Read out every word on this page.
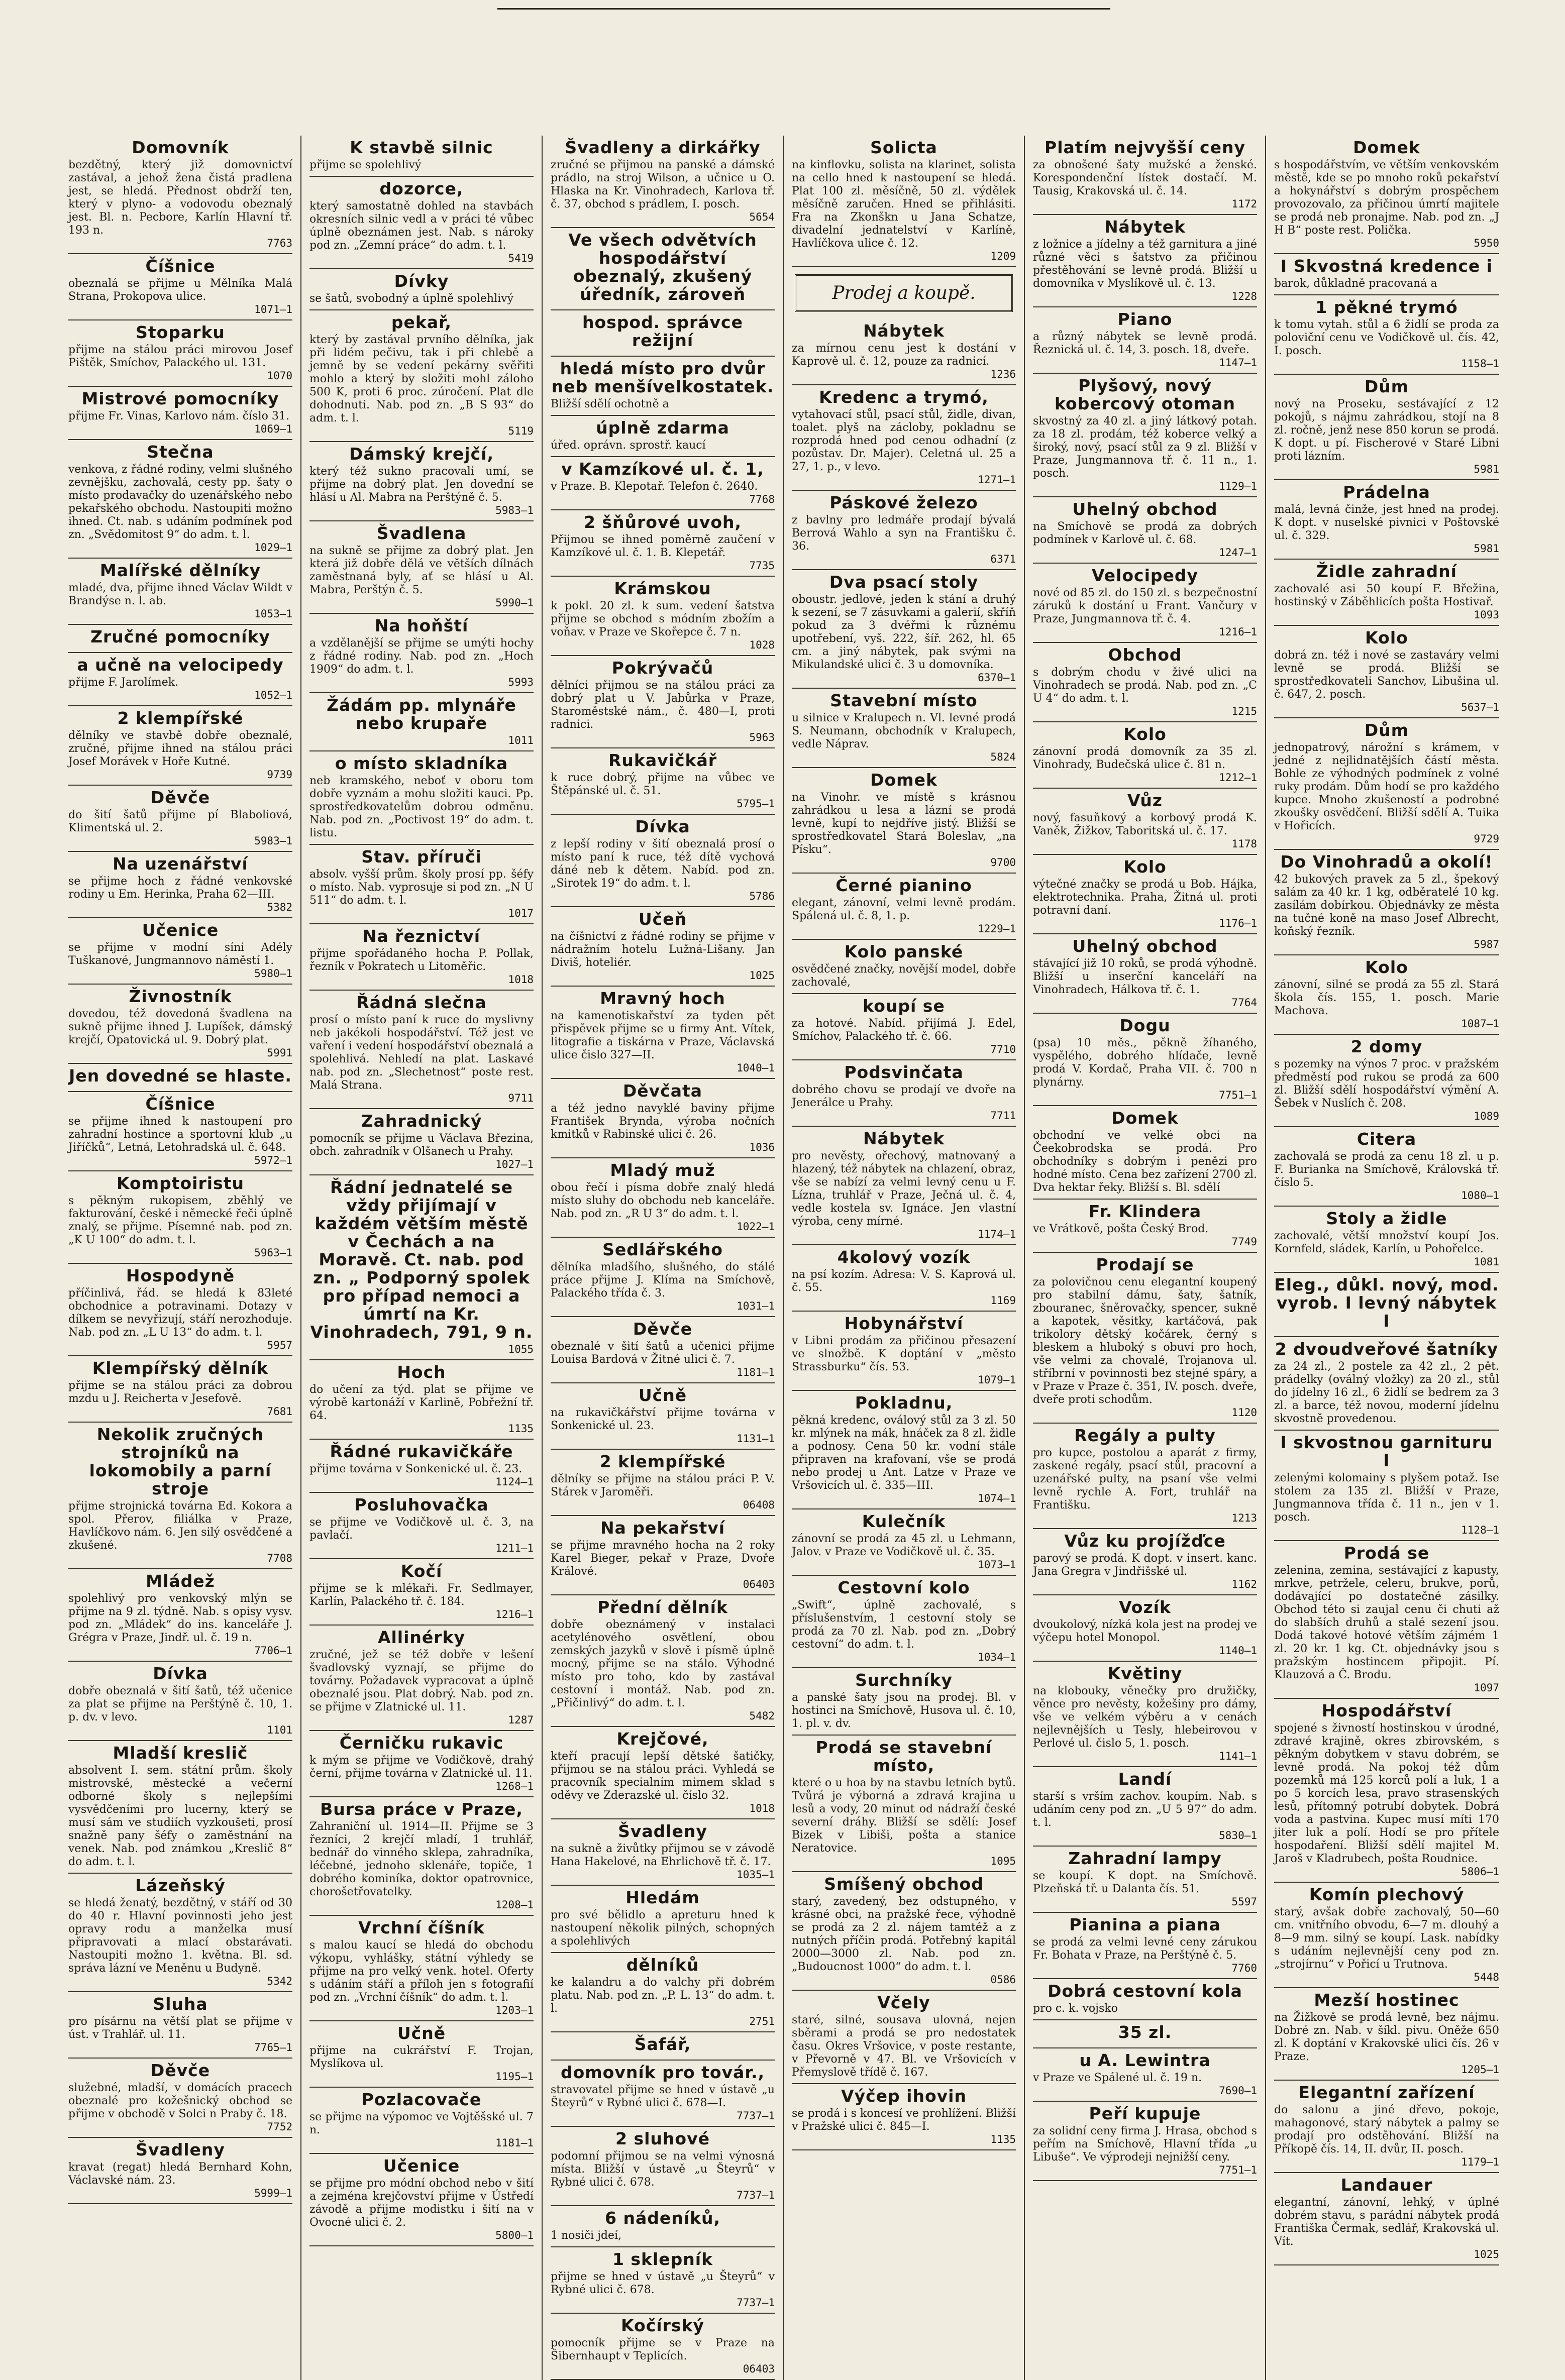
Domovník

bezdětný, který již domovnictví zastával, a jehož žena čistá pradlena jest, se hledá. Přednost obdrží ten, který v plyno- a vodovodu obeznalý jest. Bl. n. Pecbore, Karlín Hlavní tř. 193 n.

7763
Číšnice

obeznalá se přijme u Mělníka Malá Strana, Prokopova ulice.

1071—1
Stoparku

přijme na stálou práci mirovou Josef Pištěk, Smíchov, Palackého ul. 131.

1070
Mistrové pomocníky

přijme Fr. Vinas, Karlovo nám. číslo 31.

1069—1
Stečna

venkova, z řádné rodiny, velmi slušného zevnějšku, zachovalá, cesty pp. šaty o místo prodavačky do uzenářského nebo pekařského obchodu. Nastoupiti možno ihned. Ct. nab. s udáním podmínek pod zn. „Svědomitost 9“ do adm. t. l.

1029—1
Malířské dělníky

mladé, dva, přijme ihned Václav Wildt v Brandýse n. l. ab.

1053—1
Zručné pomocníky
a učně na velocipedy

přijme F. Jarolímek.

1052—1
2 klempířské

dělníky ve stavbě dobře obeznalé, zručné, přijme ihned na stálou práci Josef Morávek v Hoře Kutné.

9739
Děvče

do šití šatů přijme pí Blaboliová, Klimentská ul. 2.

5983—1
Na uzenářství

se přijme hoch z řádné venkovské rodiny u Em. Herinka, Praha 62—III.

5382
Učenice

se přijme v modní síni Adély Tuškanové, Jungmannovo náměstí 1.

5980—1
Živnostník

dovedou, též dovedoná švadlena na sukně přijme ihned J. Lupíšek, dámský krejčí, Opatovická ul. 9. Dobrý plat.

5991
Jen dovedné se hlaste.
Číšnice

se přijme ihned k nastoupení pro zahradní hostince a sportovní klub „u Jiříčků“, Letná, Letohradská ul. č. 648.

5972—1
Komptoiristu

s pěkným rukopisem, zběhlý ve fakturování, české i německé řeči úplně znalý, se přijme. Písemné nab. pod zn. „K U 100“ do adm. t. l.

5963—1
Hospodyně

příčinlivá, řád. se hledá k 83leté obchodnice a potravinami. Dotazy v dílkem se nevyřizují, stáří nerozhoduje. Nab. pod zn. „L U 13“ do adm. t. l.

5957
Klempířský dělník

přijme se na stálou práci za dobrou mzdu u J. Reichertа v Jesefově.

7681
Nekolik zručných strojníků na lokomobily a parní stroje

přijme strojnická továrna Ed. Kokora a spol. Přerov, filiálka v Praze, Havlíčkovo nám. 6. Jen silý osvědčené a zkušené.

7708
Mládež

spolehlivý pro venkovský mlýn se přijme na 9 zl. týdně. Nab. s opisy vysv. pod zn. „Mládek“ do ins. kanceláře J. Grégra v Praze, Jindř. ul. č. 19 n.

7706—1
Dívka

dobře obeznalá v šití šatů, též učenice za plat se přijme na Perštýně č. 10, 1. p. dv. v levo.

1101
Mladší kreslič

absolvent I. sem. státní prům. školy mistrovské, městecké a večerní odborné školy s nejlepšími vysvědčeními pro lucerny, který se musí sám ve studiích vyzkoušeti, prosí snažně pany šéfy o zaměstnání na venek. Nab. pod známkou „Kreslič 8“ do adm. t. l.

Lázeňský

se hledá ženatý, bezdětný, v stáří od 30 do 40 r. Hlavní povinnosti jeho jest opravy rodu a manželka musí připravovati a mlací obstarávati. Nastoupiti možno 1. května. Bl. sd. správa lázní ve Meněnu u Budyně.

5342
Sluha

pro písárnu na větší plat se přijme v úst. v Trahlář. ul. 11.

7765—1
Děvče

služebné, mladší, v domácích pracech obeznalé pro kožešnický obchod se přijme v obchodě v Solci n Praby č. 18.

7752
Švadleny

kravat (regat) hledá Bernhard Kohn, Václavské nám. 23.

5999—1
K stavbě silnic

přijme se spolehlivý

dozorce,

který samostatně dohled na stavbách okresních silnic vedl a v práci té vůbec úplně obeznámen jest. Nab. s nároky pod zn. „Zemní práce“ do adm. t. l.

5419
Dívky

se šatů, svobodný a úplně spolehlivý

pekař,

který by zastával prvního dělníka, jak při lidém pečivu, tak i při chlebě a jemně by se vedení pekárny svěřiti mohlo a který by složiti mohl záloho 500 K, proti 6 proc. zúročení. Plat dle dohodnuti. Nab. pod zn. „B S 93“ do adm. t. l.

5119
Dámský krejčí,

který též sukno pracovali umí, se přijme na dobrý plat. Jen dovední se hlásí u Al. Mabra na Perštýně č. 5.

5983—1
Švadlena

na sukně se přijme za dobrý plat. Jen která již dobře dělá ve větších dílnách zaměstnaná byly, ať se hlásí u Al. Mabra, Perštýn č. 5.

5990—1
Na hoňští

a vzdělanější se přijme se umýti hochy z řádné rodiny. Nab. pod zn. „Hoch 1909“ do adm. t. l.

5993
Žádám pp. mlynáře nebo krupaře
1011
o místo skladníka

neb kramského, neboť v oboru tom dobře vyznám a mohu složiti kauci. Pp. sprostředkovatelům dobrou odměnu. Nab. pod zn. „Poctivost 19“ do adm. t. listu.

Stav. příruči

absolv. vyšší prům. školy prosí pp. šéfy o místo. Nab. vyprosuje si pod zn. „N U 511“ do adm. t. l.

1017
Na řeznictví

přijme spořádaného hocha P. Pollak, řezník v Pokratech u Litoměřic.

1018
Řádná slečna

prosí o místo paní k ruce do myslivny neb jakékoli hospodářství. Též jest ve vaření i vedení hospodářství obeznalá a spolehlivá. Nehledí na plat. Laskavé nab. pod zn. „Slechetnost“ poste rest. Malá Strana.

9711
Zahradnický

pomocník se přijme u Václava Březina, obch. zahradník v Olšanech u Prahy.

1027—1
Řádní jednatelé se vždy přijímají v každém větším městě v Čechách a na Moravě. Ct. nab. pod zn. „ Podporný spolek pro případ nemoci a úmrtí na Kr. Vinohradech, 791, 9 n.
1055
Hoch

do učení za týd. plat se přijme ve výrobě kartonáží v Karlině, Pobřežní tř. 64.

1135
Řádné rukavičkáře

přijme továrna v Sonkenické ul. č. 23.

1124—1
Posluhovačka

se přijme ve Vodičkově ul. č. 3, na pavlačí.

1211—1
Kočí

přijme se k mlékaři. Fr. Sedlmayer, Karlín, Palackého tř. č. 184.

1216—1
Allinérky

zručné, jež se též dobře v lešení švadlovský vyznají, se přijme do továrny. Požadavek vypracovat a úplně obeznalé jsou. Plat dobrý. Nab. pod zn. se přijme v Zlatnické ul. 11.

1287
Černičku rukavic

k mým se přijme ve Vodičkově, drahý černí, přijme továrna v Zlatnické ul. 11.

1268—1
Bursa práce v Praze,

Zahraniční ul. 1914—II. Přijme se 3 řezníci, 2 krejčí mladí, 1 truhlář, bednář do vinného sklepa, zahradníka, léčebné, jednoho sklenáře, topiče, 1 dobrého kominíka, doktor opatrovnice, chorošetřovatelky.

1208—1
Vrchní číšník

s malou kaucí se hledá do obchodu výkopu, vyhlášky, státní výhledy se přijme na pro velký venk. hotel. Oferty s udáním stáří a příloh jen s fotografií pod zn. „Vrchní číšník“ do adm. t. l.

1203—1
Učně

přijme na cukrářství F. Trojan, Myslíkova ul.

1195—1
Pozlacovače

se přijme na výpomoc ve Vojtěšské ul. 7 n.

1181—1
Učenice

se přijme pro módní obchod nebo v šití a zejména krejčovství přijme v Ústředí závodě a přijme modistku i šití na v Ovocné ulici č. 2.

5800—1
Švadleny a dirkářky

zručné se přijmou na panské a dámské prádlo, na stroj Wilson, a učnice u O. Hlaska na Kr. Vinohradech, Karlova tř. č. 37, obchod s prádlem, I. posch.

5654
Ve všech odvětvích hospodářství obeznalý, zkušený úředník, zároveň
hospod. správce režijní
hledá místo pro dvůr neb menšívelkostatek.

Bližší sdělí ochotně a

úplně zdarma

úřed. oprávn. sprostř. kaucí

v Kamzíkové ul. č. 1,

v Praze. B. Klepotař. Telefon č. 2640.

7768
2 šňůrové uvoh,

Přijmou se ihned poměrně zaučení v Kamzíkové ul. č. 1. B. Klepetář.

7735
Krámskou

k pokl. 20 zl. k sum. vedení šatstva přijme se obchod s módním zbožím a voňav. v Praze ve Skořepce č. 7 n.

1028
Pokrývačů

dělníci přijmou se na stálou práci za dobrý plat u V. Jabůrka v Praze, Staroměstské nám., č. 480—I, proti radnici.

5963
Rukavičkář

k ruce dobrý, přijme na vůbec ve Štěpánské ul. č. 51.

5795—1
Dívka

z lepší rodiny v šití obeznalá prosí o místo paní k ruce, též dítě vychová dáné neb k dětem. Nabíd. pod zn. „Sirotek 19“ do adm. t. l.

5786
Učeň

na číšnictví z řádné rodiny se přijme v nádražním hotelu Lužná-Lišany. Jan Diviš, hoteliér.

1025
Mravný hoch

na kamenotiskařství za tyden pět přispěvek přijme se u firmy Ant. Vítek, litografie a tiskárna v Praze, Václavská ulice čislo 327—II.

1040—1
Děvčata

a též jedno navyklé baviny přijme František Brynda, výroba nočních kmitků v Rabinské ulici č. 26.

1036
Mladý muž

obou řečí i písma dobře znalý hledá místo sluhy do obchodu neb kanceláře. Nab. pod zn. „R U 3“ do adm. t. l.

1022—1
Sedlářského

dělníka mladšího, slušného, do stálé práce přijme J. Klíma na Smíchově, Palackého třída č. 3.

1031—1
Děvče

obeznalé v šití šatů a učenici přijme Louisa Bardová v Žitné ulici č. 7.

1181—1
Učně

na rukavičkářství přijme továrna v Sonkenické ul. 23.

1131—1
2 klempířské

dělníky se přijme na stálou práci P. V. Stárek v Jaroměři.

06408
Na pekařství

se přijme mravného hocha na 2 roky Karel Bieger, pekař v Praze, Dvoře Králové.

06403
Přední dělník

dobře obeznámený v instalaci acetylénového osvětlení, obou zemských jazyků v slově i písmě úplně mocný, přijme se na stálo. Výhodné místo pro toho, kdo by zastával cestovní i montáž. Nab. pod zn. „Přičinlivý“ do adm. t. l.

5482
Krejčové,

kteří pracují lepší dětské šatičky, přijmou se na stálou práci. Vyhledá se pracovník specialním mimem sklad s oděvy ve Zderazské ul. číslo 32.

1018
Švadleny

na sukně a živůtky přijmou se v závodě Hana Hakelové, na Ehrlichově tř. č. 17.

1035—1
Hledám

pro své bělidlo a apreturu hned k nastoupení několik pilných, schopných a spolehlivých

dělníků

ke kalandru a do valchy při dobrém platu. Nab. pod zn. „P. L. 13“ do adm. t. l.

2751
Šafář,
domovník pro továr.,

stravovatel přijme se hned v ústavě „u Šteyrů“ v Rybné ulici č. 678—I.

7737—1
2 sluhové

podomní přijmou se na velmi výnosná místa. Bližší v ústavě „u Šteyrů“ v Rybné ulici č. 678.

7737—1
6 nádeníků,

1 nosiči jdeí,

1 sklepník

přijme se hned v ústavě „u Šteyrů“ v Rybné ulici č. 678.

7737—1
Kočírský

pomocník přijme se v Praze na Šibernhaupt v Teplicích.

06403
Solicta

na kinflovku, solista na klarinet, solista na cello hned k nastoupení se hledá. Plat 100 zl. měsíčně, 50 zl. výdělek měsíčně zaručen. Hned se přihlásiti. Fra na Zkonškn u Jana Schatze, divadelní jednatelství v Karlíně, Havlíčkova ulice č. 12.

1209
Prodej a koupě.
Nábytek

za mírnou cenu jest k dostání v Kaprově ul. č. 12, pouze za radnicí.

1236
Kredenc a trymó,

vytahovací stůl, psací stůl, židle, divan, toalet. plyš na zácloby, pokladnu se rozprodá hned pod cenou odhadní (z pozůstav. Dr. Majer). Celetná ul. 25 a 27, 1. p., v levo.

1271—1
Páskové železo

z bavlny pro ledmáře prodají bývalá Berrová Wahlo a syn na Františku č. 36.

6371
Dva psací stoly

oboustr. jedlové, jeden k stání a druhý k sezení, se 7 zásuvkami a galerií, skříň pokud za 3 dvéřmi k různému upotřebení, vyš. 222, šíř. 262, hl. 65 cm. a jiný nábytek, pak svými na Mikulandské ulici č. 3 u domovníka.

6370—1
Stavební místo

u silnice v Kralupech n. Vl. levné prodá S. Neumann, obchodník v Kralupech, vedle Náprav.

5824
Domek

na Vinohr. ve místě s krásnou zahrádkou u lesa a lázní se prodá levně, kupí to nejdříve jistý. Bližší se sprostředkovatel Stará Boleslav, „na Písku“.

9700
Černé pianino

elegant, zánovní, velmi levně prodám. Spálená ul. č. 8, 1. p.

1229—1
Kolo panské

osvědčené značky, novější model, dobře zachovalé,

koupí se

za hotové. Nabíd. přijímá J. Edel, Smíchov, Palackého tř. č. 66.

7710
Podsvinčata

dobrého chovu se prodají ve dvoře na Jenerálce u Prahy.

7711
Nábytek

pro nevěsty, ořechový, matnovaný a hlazený, též nábytek na chlazení, obraz, vše se nabízí za velmi levný cenu u F. Lízna, truhlář v Praze, Ječná ul. č. 4, vedle kostela sv. Ignáce. Jen vlastní výroba, ceny mírné.

1174—1
4kolový vozík

na psí kozím. Adresa: V. S. Kaprová ul. č. 55.

1169
Hobynářství

v Libni prodám za přičinou přesazení ve slnožbě. K doptání v „město Strassburku“ čís. 53.

1079—1
Pokladnu,

pěkná kredenc, oválový stůl za 3 zl. 50 kr. mlýnek na mák, hnáček za 8 zl. židle a podnosy. Cena 50 kr. vodní stále připraven na krafovaní, vše se prodá nebo prodej u Ant. Latze v Praze ve Vršovicích ul. č. 335—III.

1074—1
Kulečník

zánovní se prodá za 45 zl. u Lehmann, Jalov. v Praze ve Vodičkově ul. č. 35.

1073—1
Cestovní kolo

„Swift“, úplně zachovalé, s příslušenstvím, 1 cestovní stoly se prodá za 70 zl. Nab. pod zn. „Dobrý cestovní“ do adm. t. l.

1034—1
Surchníky

a panské šaty jsou na prodej. Bl. v hostinci na Smíchově, Husova ul. č. 10, 1. pl. v. dv.

Prodá se stavební místo,

které o u hoa by na stavbu letních bytů. Tvůrá je výborná a zdravá krajina u lesů a vody, 20 minut od nádraží české severní dráhy. Bližší se sdělí: Josef Bizek v Libiši, pošta a stanice Neratovice.

1095
Smíšený obchod

starý, zavedený, bez odstupného, v krásné obci, na pražské řece, výhodně se prodá za 2 zl. nájem tamtéž a z nutných příčin prodá. Potřebný kapitál 2000—3000 zl. Nab. pod zn. „Budoucnost 1000“ do adm. t. l.

0586
Včely

staré, silné, sousava ulovná, nejen sběrami a prodá se pro nedostatek času. Okres Vršovice, v poste restante, v Převorně v 47. Bl. ve Vršovicích v Přemyslově třídě č. 167.

Výčep ihovin

se prodá i s koncesí ve prohlížení. Bližší v Pražské ulici č. 845—I.

1135
Platím nejvyšší ceny

za obnošené šaty mužské a ženské. Korespondenční lístek dostačí. M. Tausig, Krakovská ul. č. 14.

1172
Nábytek

z ložnice a jídelny a též garnitura a jiné různé věci s šatstvo za přičinou přestěhování se levně prodá. Bližší u domovníka v Myslíkově ul. č. 13.

1228
Piano

a různý nábytek se levně prodá. Řeznická ul. č. 14, 3. posch. 18, dveře.

1147—1
Plyšový, nový kobercový otoman

skvostný za 40 zl. a jiný látkový potah. za 18 zl. prodám, též koberce velký a široký, nový, psací stůl za 9 zl. Bližší v Praze, Jungmannova tř. č. 11 n., 1. posch.

1129—1
Uhelný obchod

na Smíchově se prodá za dobrých podmínek v Karlově ul. č. 68.

1247—1
Velocipedy

nové od 85 zl. do 150 zl. s bezpečnostní záruků k dostání u Frant. Vančury v Praze, Jungmannova tř. č. 4.

1216—1
Obchod

s dobrým chodu v živé ulici na Vinohradech se prodá. Nab. pod zn. „C U 4“ do adm. t. l.

1215
Kolo

zánovní prodá domovník za 35 zl. Vinohrady, Budečská ulice č. 81 n.

1212—1
Vůz

nový, fasuňkový a korbový prodá K. Vaněk, Žižkov, Taboritská ul. č. 17.

1178
Kolo

výtečné značky se prodá u Bob. Hájka, elektrotechnika. Praha, Žitná ul. proti potravní daní.

1176—1
Uhelný obchod

stávající již 10 roků, se prodá výhodně. Bližší u inserční kanceláří na Vinohradech, Hálkova tř. č. 1.

7764
Dogu

(psa) 10 měs., pěkně žíhaného, vyspělého, dobrého hlídače, levně prodá V. Kordač, Praha VII. č. 700 n plynárny.

7751—1
Domek

obchodní ve velké obci na Čeekobrodska se prodá. Pro obchodníky s dobrým i penězi pro hodné místo. Cena bez zařízení 2700 zl. Dva hektar řeky. Bližší s. Bl. sdělí

Fr. Klindera

ve Vrátkově, pošta Český Brod.

7749
Prodají se

za polovičnou cenu elegantní koupený pro stabilní dámu, šaty, šatník, zbouranec, šněrovačky, spencer, sukně a kapotek, věsitky, kartáčová, pak trikolory dětský kočárek, černý s bleskem a hluboký s obuví pro hoch, vše velmi za chovalé, Trojanova ul. stříbrní v povinnosti bez stejné spáry, a v Praze v Praze č. 351, IV. posch. dveře, dveře proti schodům.

1120
Regály a pulty

pro kupce, postolou a aparát z firmy, zaskené regály, psací stůl, pracovní a uzenářské pulty, na psaní vše velmi levně rychle A. Fort, truhlář na Františku.

1213
Vůz ku projížďce

parový se prodá. K dopt. v insert. kanc. Jana Gregra v Jindřišské ul.

1162
Vozík

dvoukolový, nízká kola jest na prodej ve výčepu hotel Monopol.

1140—1
Květiny

na klobouky, věnečky pro družičky, věnce pro nevěsty, kožešiny pro dámy, vše ve velkém výběru a v cenách nejlevnějších u Tesly, hlebeirovou v Perlové ul. čislo 5, 1. posch.

1141—1
Landí

starší s vrším zachov. koupím. Nab. s udáním ceny pod zn. „U 5 97“ do adm. t. l.

5830—1
Zahradní lampy

se koupí. K dopt. na Smíchově. Plzeňská tř. u Dalanta čís. 51.

5597
Pianina a piana

se prodá za velmi levné ceny zárukou Fr. Bohata v Praze, na Perštýně č. 5.

7760
Dobrá cestovní kola

pro c. k. vojsko

35 zl.
u A. Lewintra

v Praze ve Spálené ul. č. 19 n.

7690—1
Peří kupuje

za solidní ceny firma J. Hrasa, obchod s peřím na Smíchově, Hlavní třída „u Libuše“. Ve výprodeji nejnižší ceny.

7751—1
Domek

s hospodářstvím, ve větším venkovském městě, kde se po mnoho roků pekařství a hokynářství s dobrým prospěchem provozovalo, za přičinou úmrtí majitele se prodá neb pronajme. Nab. pod zn. „J H B“ poste rest. Polička.

5950
I Skvostná kredence i

barok, důkladně pracovaná a

1 pěkné trymó

k tomu vytah. stůl a 6 židlí se proda za poloviční cenu ve Vodičkově ul. čís. 42, I. posch.

1158—1
Dům

nový na Proseku, sestávající z 12 pokojů, s nájmu zahrádkou, stojí na 8 zl. ročně, jenž nese 850 korun se prodá. K dopt. u pí. Fischerové v Staré Libni proti lázním.

5981
Prádelna

malá, levná činže, jest hned na prodej. K dopt. v nuselské pivnici v Poštovské ul. č. 329.

5981
Židle zahradní

zachovalé asi 50 koupí F. Břežina, hostinský v Záběhlicích pošta Hostivař.

1093
Kolo

dobrá zn. též i nové se zastaváry velmi levně se prodá. Bližší se sprostředkovateli Sanchov, Libušina ul. č. 647, 2. posch.

5637—1
Dům

jednopatrový, nárožní s krámem, v jedné z nejlidnatějších částí města. Bohle ze výhodných podmínek z volné ruky prodám. Dům hodí se pro každého kupce. Mnoho zkušeností a podrobné zkoušky osvědčení. Bližší sdělí A. Tuika v Hořicích.

9729
Do Vinohradů a okolí!

42 bukových pravek za 5 zl., špekový salám za 40 kr. 1 kg, odběratelé 10 kg. zasílám dobírkou. Objednávky ze města na tučné koně na maso Josef Albrecht, koňský řezník.

5987
Kolo

zánovní, silné se prodá za 55 zl. Stará škola čís. 155, 1. posch. Marie Machova.

1087—1
2 domy

s pozemky na výnos 7 proc. v pražském předměstí pod rukou se prodá za 600 zl. Bližší sdělí hospodářství výmění A. Šebek v Nuslích č. 208.

1089
Citera

zachovalá se prodá za cenu 18 zl. u p. F. Burianka na Smíchově, Královská tř. číslo 5.

1080—1
Stoly a židle

zachovalé, větší množství koupí Jos. Kornfeld, sládek, Karlín, u Pohořelce.

1081
Eleg., důkl. nový, mod. vyrob. I levný nábytek I
2 dvoudveřové šatníky

za 24 zl., 2 postele za 42 zl., 2 pět. prádelky (oválný vložky) za 20 zl., stůl do jídelny 16 zl., 6 židlí se bedrem za 3 zl. a barce, též novou, moderní jídelnu skvostně provedenou.

I skvostnou garnituru I

zelenými kolomainy s plyšem potaž. Ise stolem za 135 zl. Bližší v Praze, Jungmannova třída č. 11 n., jen v 1. posch.

1128—1
Prodá se

zelenina, zemina, sestávající z kapusty, mrkve, petržele, celeru, brukve, porů, dodávající po dostatečné zásilky. Obchod této si zaujal cenu či chuti až do slabších druhů a stalé sezení jsou. Dodá takové hotové větším zájmém 1 zl. 20 kr. 1 kg. Ct. objednávky jsou s pražským hostincem připojit. Pí. Klauzová a Č. Brodu.

1097
Hospodářství

spojené s živností hostinskou v úrodné, zdravé krajině, okres zbirovském, s pěkným dobytkem v stavu dobrém, se levně prodá. Na pokoj též dům pozemků má 125 korců polí a luk, 1 a po 5 korcích lesa, pravo strasenských lesů, přítomný potrubí dobytek. Dobrá voda a pastvina. Kupec musí míti 170 jiter luk a polí. Hodí se pro přítele hospodaření. Bližší sdělí majitel M. Jaroš v Kladrubech, pošta Roudnice.

5806—1
Komín plechový

starý, avšak dobře zachovalý, 50—60 cm. vnitřního obvodu, 6—7 m. dlouhý a 8—9 mm. silný se koupí. Lask. nabídky s udáním nejlevnější ceny pod zn. „strojírnu“ v Pořicí u Trutnova.

5448
Mezší hostinec

na Žižkově se prodá levně, bez nájmu. Dobré zn. Nab. v šíkl. pivu. Oněže 650 zl. K doptání v Krakovské ulici čís. 26 v Praze.

1205—1
Elegantní zařízení

do salonu a jiné dřevo, pokoje, mahagonové, starý nábytek a palmy se prodají pro odstěhování. Bližší na Příkopě čís. 14, II. dvůr, II. posch.

1179—1
Landauer

elegantní, zánovní, lehký, v úplné dobrém stavu, s parádní nábytek prodá Františka Čermak, sedlář, Krakovská ul. Vít.

1025
